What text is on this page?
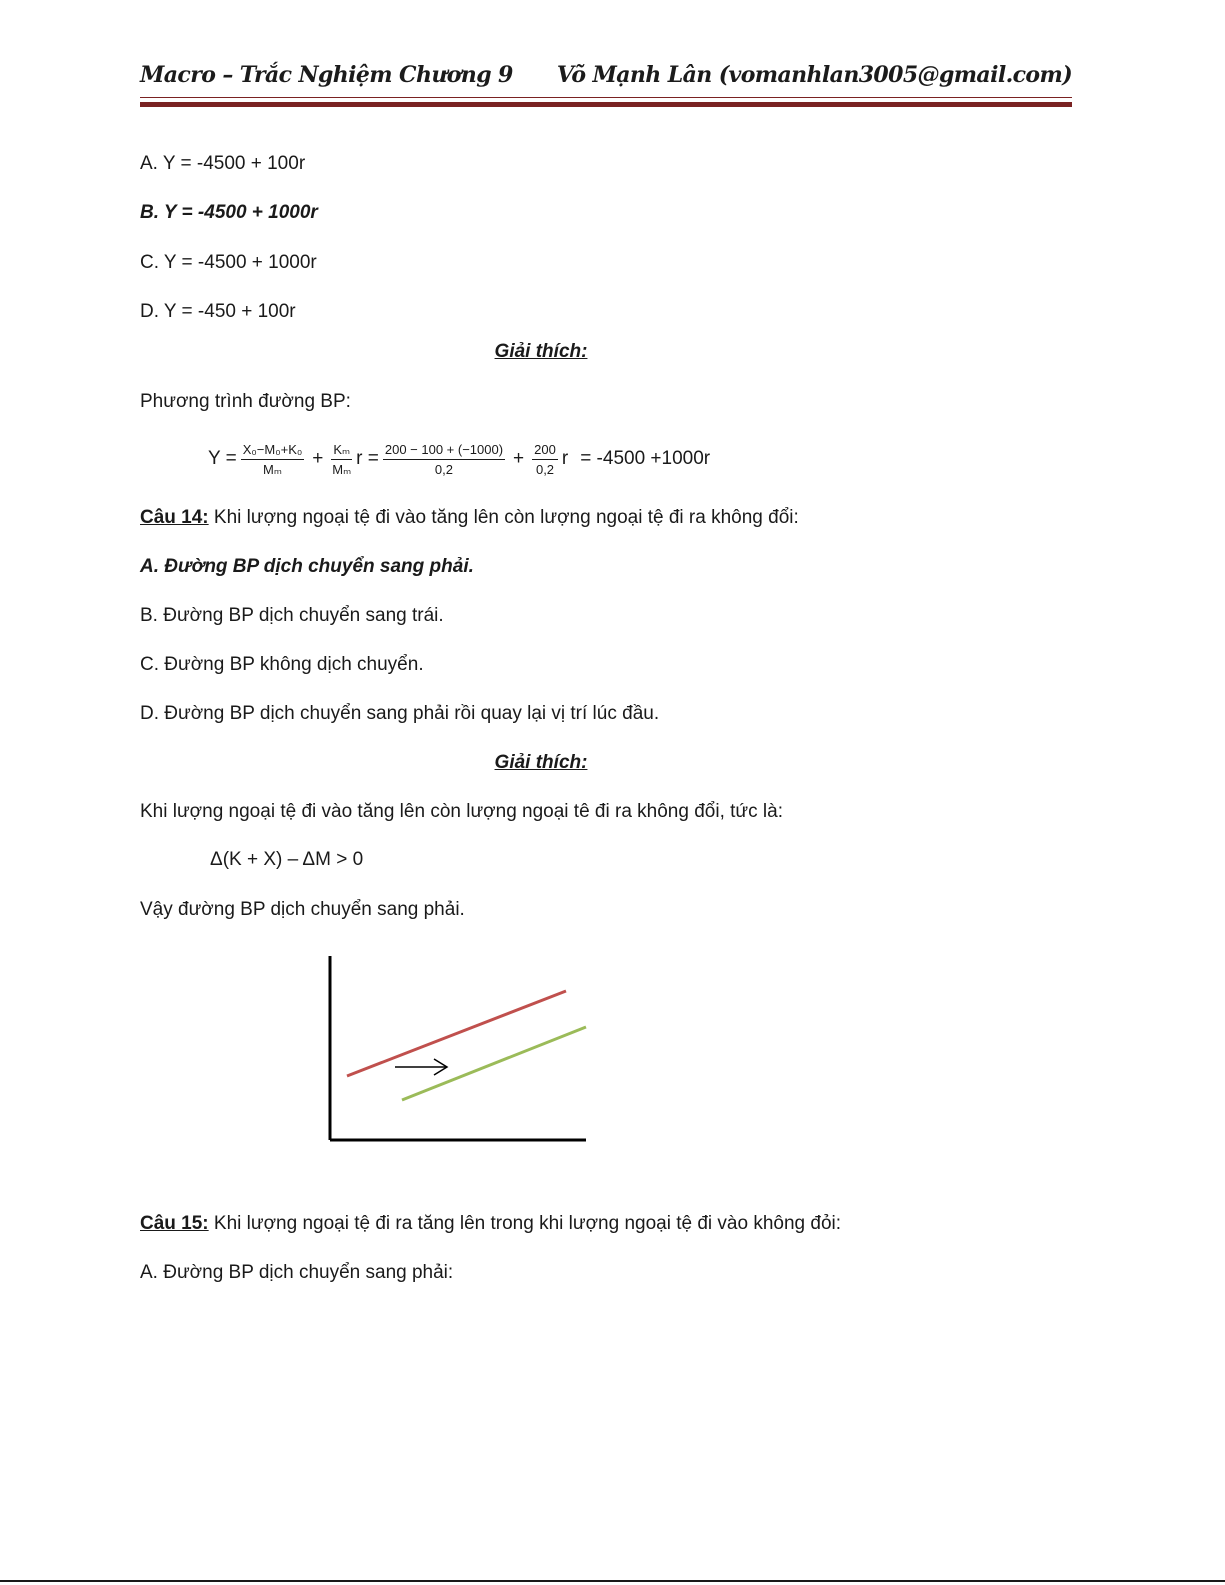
Macro – Trắc Nghiệm Chương 9 Võ Mạnh Lân (vomanhlan3005@gmail.com)
A. Y = -4500 + 100r
B. Y = -4500 + 1000r
C. Y = -4500 + 1000r
D. Y = -450 + 100r
Giải thích:
Phương trình đường BP:
$Y = \frac{\text{X₀−M₀+K₀}}{\text{Mₘ}} + \frac{\text{Kₘ}}{\text{Mₘ}}$ $r = \frac{200 - 100 + (-1000)}{0,2} + \frac{200}{0,2}$ r = -4500 +1000r
Câu 14: Khi lượng ngoại tệ đi vào tăng lên còn lượng ngoại tệ đi ra không đổi:
A. Đường BP dịch chuyển sang phải.
B. Đường BP dịch chuyển sang trái.
C. Đường BP không dịch chuyển.
D. Đường BP dịch chuyển sang phải rồi quay lại vị trí lúc đầu.
Giải thích:
Khi lượng ngoại tệ đi vào tăng lên còn lượng ngoại tê đi ra không đổi, tức là:
Δ(K + X) – ΔM > 0
Vậy đường BP dịch chuyển sang phải.
Câu 15: Khi lượng ngoại tệ đi ra tăng lên trong khi lượng ngoại tệ đi vào không đỏi:
A. Đường BP dịch chuyển sang phải:
